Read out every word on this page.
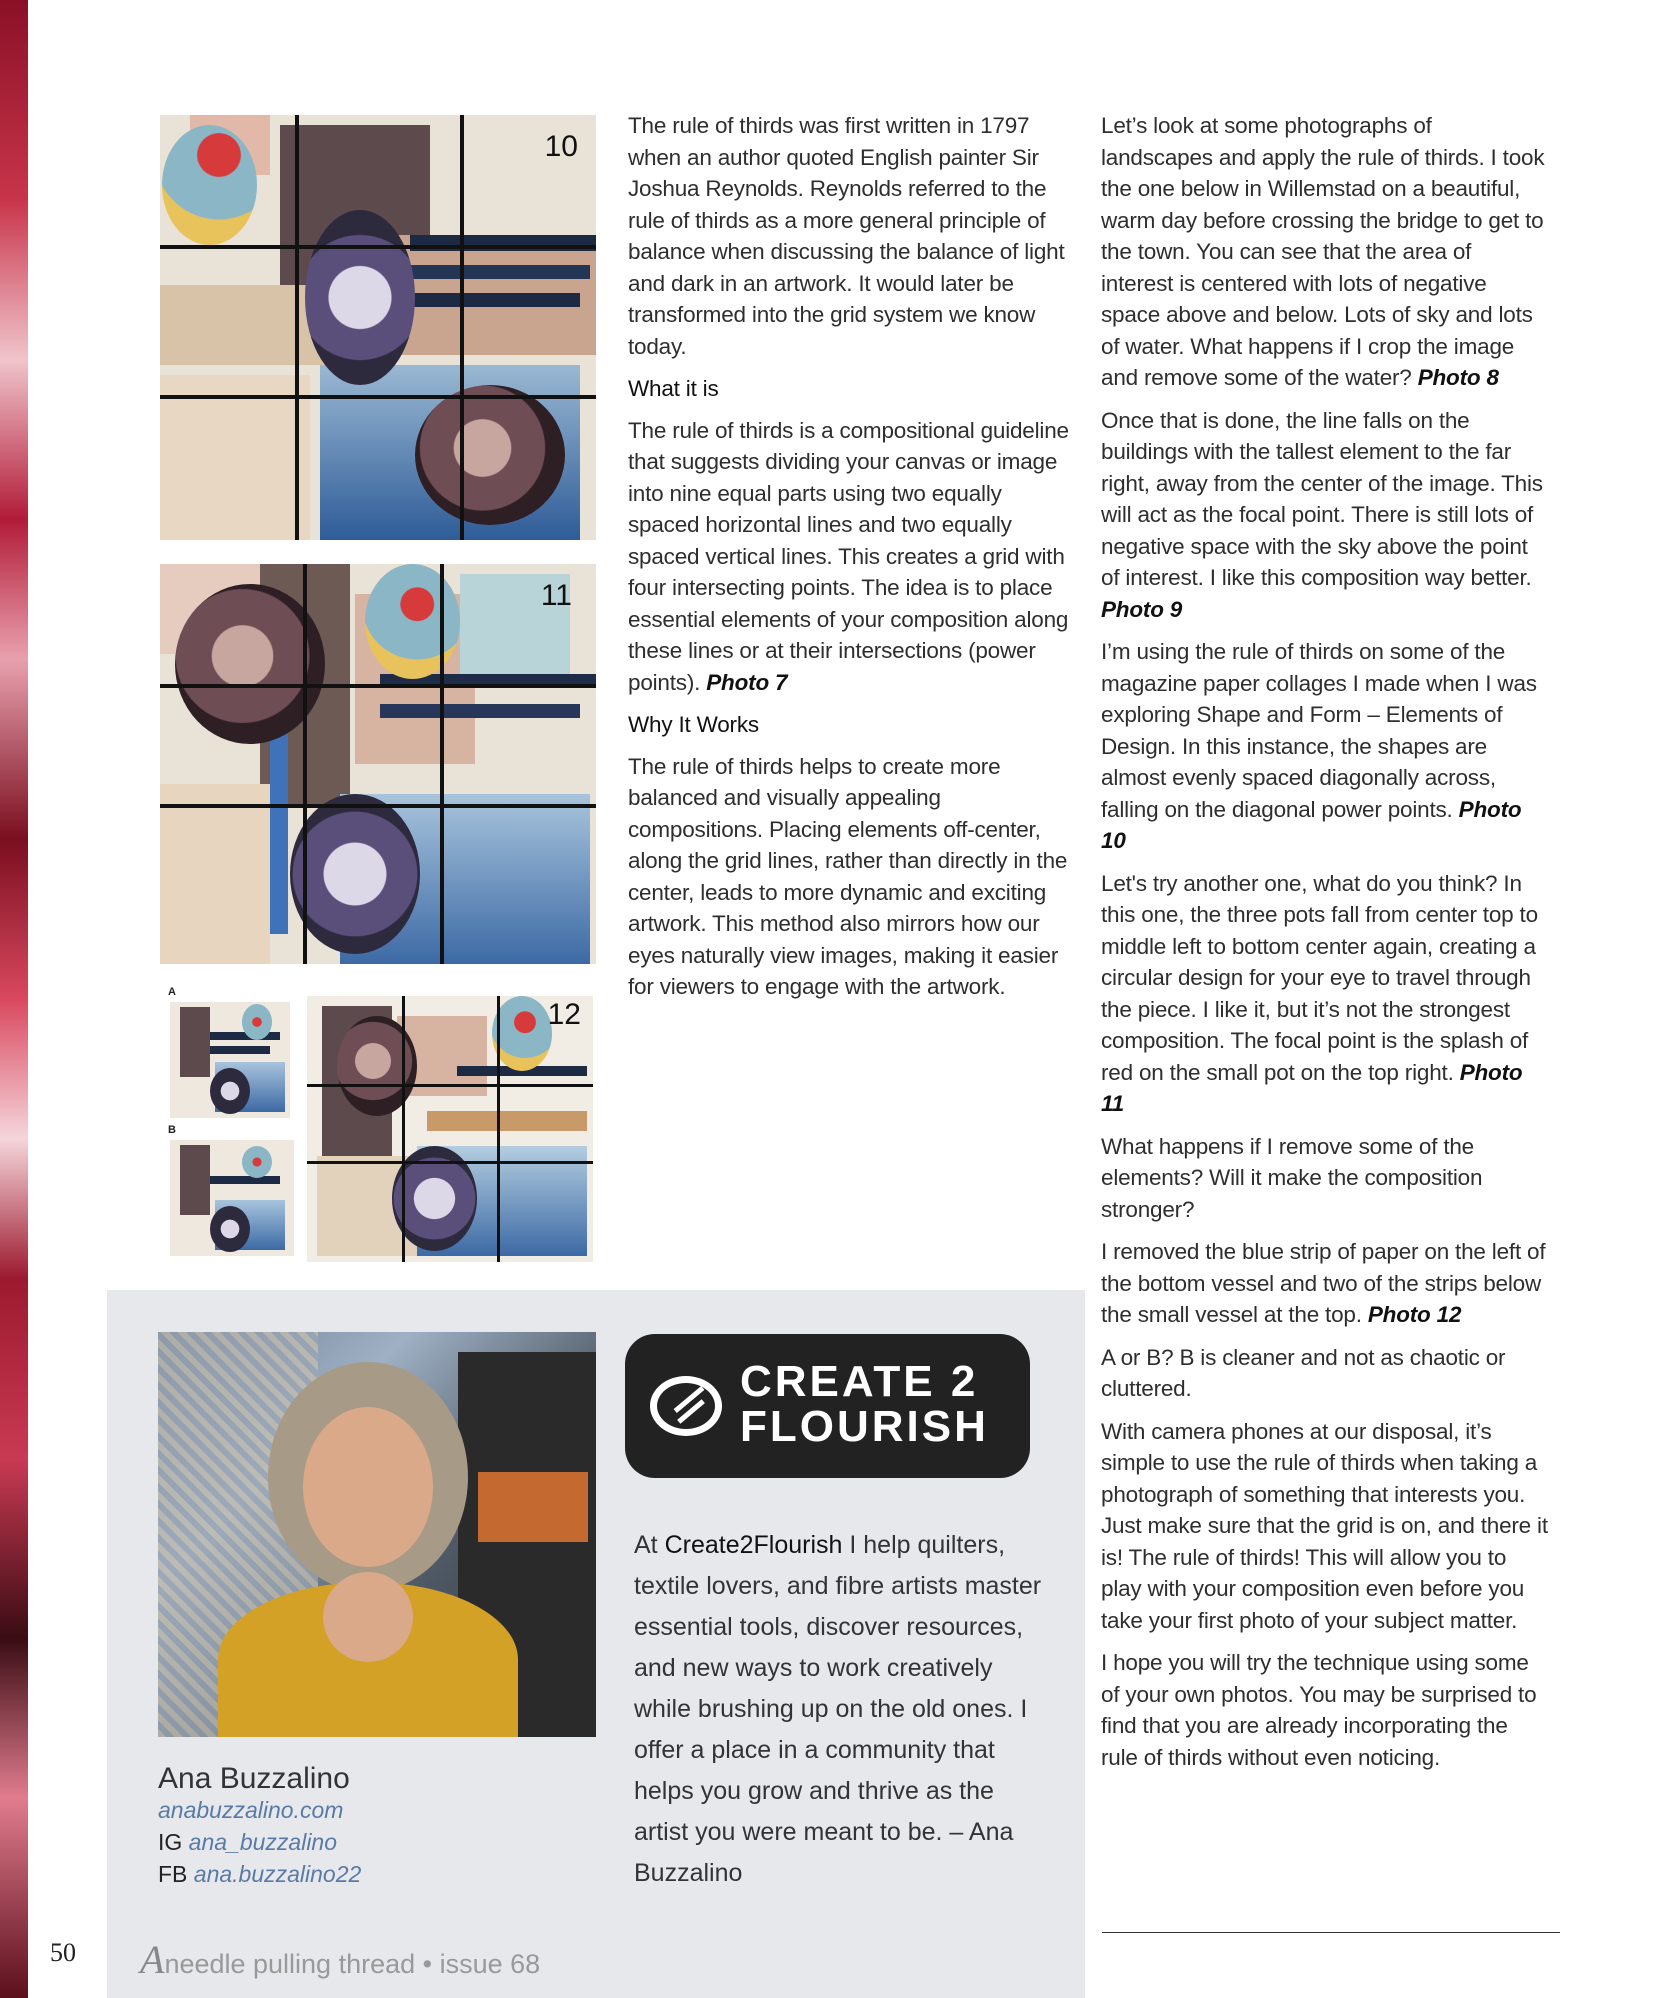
10
11
A
B
12

The rule of thirds was first written in 1797 when an author quoted English painter Sir Joshua Reynolds. Reynolds referred to the rule of thirds as a more general principle of balance when discussing the balance of light and dark in an artwork. It would later be transformed into the grid system we know today.

What it is

The rule of thirds is a compositional guideline that suggests dividing your canvas or image into nine equal parts using two equally spaced horizontal lines and two equally spaced vertical lines. This creates a grid with four intersecting points. The idea is to place essential elements of your composition along these lines or at their intersections (power points). Photo 7

Why It Works

The rule of thirds helps to create more balanced and visually appealing compositions. Placing elements off-center, along the grid lines, rather than directly in the center, leads to more dynamic and exciting artwork. This method also mirrors how our eyes naturally view images, making it easier for viewers to engage with the artwork.

Let’s look at some photographs of landscapes and apply the rule of thirds. I took the one below in Willemstad on a beautiful, warm day before crossing the bridge to get to the town. You can see that the area of interest is centered with lots of negative space above and below. Lots of sky and lots of water. What happens if I crop the image and remove some of the water? Photo 8

Once that is done, the line falls on the buildings with the tallest element to the far right, away from the center of the image. This will act as the focal point. There is still lots of negative space with the sky above the point of interest. I like this composition way better. Photo 9

I’m using the rule of thirds on some of the magazine paper collages I made when I was exploring Shape and Form – Elements of Design. In this instance, the shapes are almost evenly spaced diagonally across, falling on the diagonal power points. Photo 10

Let's try another one, what do you think? In this one, the three pots fall from center top to middle left to bottom center again, creating a circular design for your eye to travel through the piece. I like it, but it’s not the strongest composition. The focal point is the splash of red on the small pot on the top right. Photo 11

What happens if I remove some of the elements? Will it make the composition stronger?

I removed the blue strip of paper on the left of the bottom vessel and two of the strips below the small vessel at the top. Photo 12

A or B? B is cleaner and not as chaotic or cluttered.

With camera phones at our disposal, it’s simple to use the rule of thirds when taking a photograph of something that interests you. Just make sure that the grid is on, and there it is! The rule of thirds! This will allow you to play with your composition even before you take your first photo of your subject matter.

I hope you will try the technique using some of your own photos. You may be surprised to find that you are already incorporating the rule of thirds without even noticing.

CREATE 2
FLOURISH
At Create2Flourish I help quilters, textile lovers, and fibre artists master essential tools, discover resources, and new ways to work creatively while brushing up on the old ones. I offer a place in a community that helps you grow and thrive as the artist you were meant to be. – Ana Buzzalino
Ana Buzzalino
anabuzzalino.com
IG ana_buzzalino
FB ana.buzzalino22
50 Aneedle pulling thread • issue 68
